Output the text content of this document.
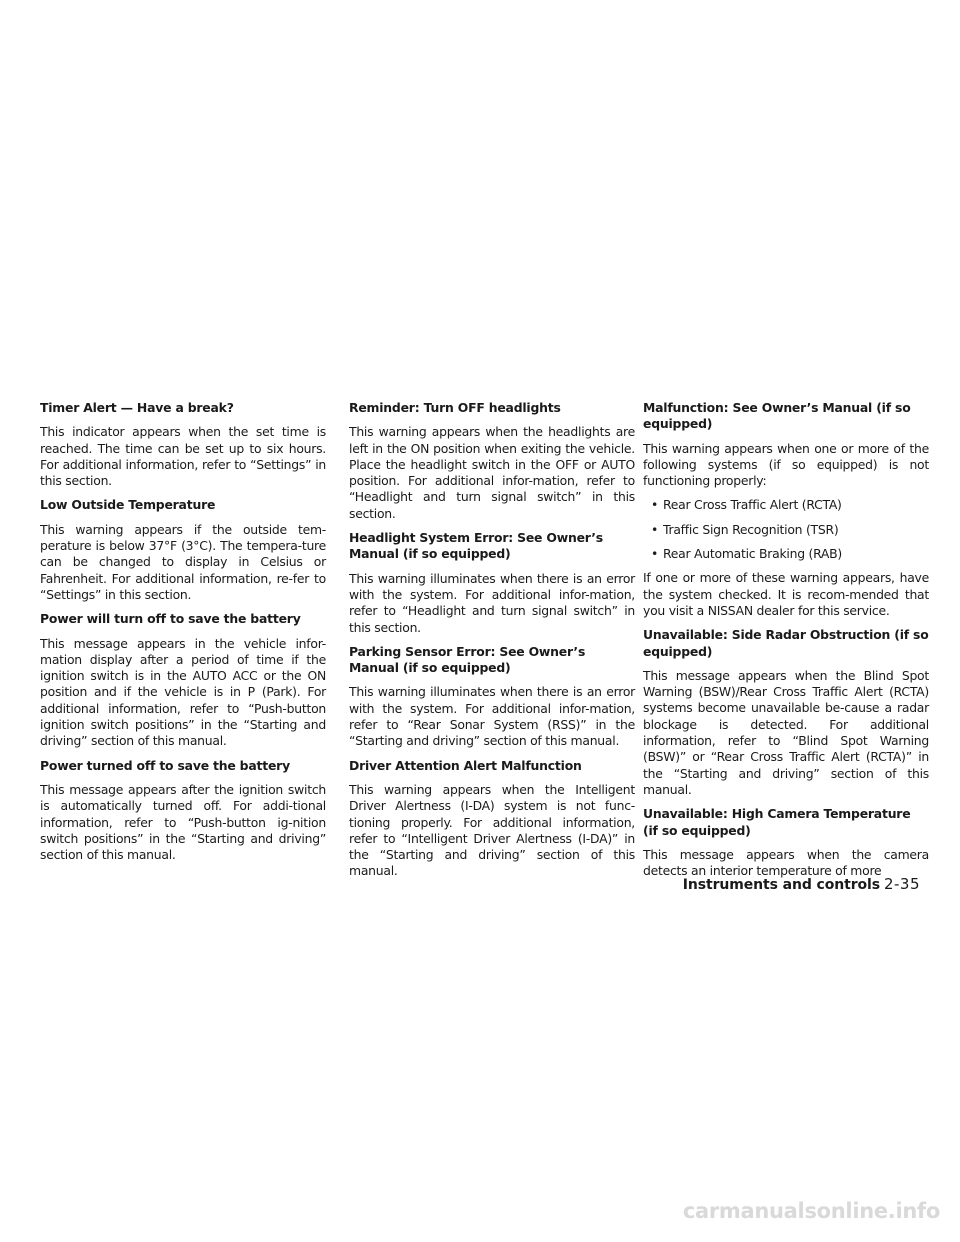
Timer Alert — Have a break?
This indicator appears when the set time is reached. The time can be set up to six hours. For additional information, refer to “Settings” in this section.
Low Outside Temperature
This warning appears if the outside tem-perature is below 37°F (3°C). The tempera-ture can be changed to display in Celsius or Fahrenheit. For additional information, re-fer to “Settings” in this section.
Power will turn off to save the battery
This message appears in the vehicle infor-mation display after a period of time if the ignition switch is in the AUTO ACC or the ON position and if the vehicle is in P (Park). For additional information, refer to “Push-button ignition switch positions” in the “Starting and driving” section of this manual.
Power turned off to save the battery
This message appears after the ignition switch is automatically turned off. For addi-tional information, refer to “Push-button ig-nition switch positions” in the “Starting and driving” section of this manual.
Reminder: Turn OFF headlights
This warning appears when the headlights are left in the ON position when exiting the vehicle. Place the headlight switch in the OFF or AUTO position. For additional infor-mation, refer to “Headlight and turn signal switch” in this section.
Headlight System Error: See Owner’s Manual (if so equipped)
This warning illuminates when there is an error with the system. For additional infor-mation, refer to “Headlight and turn signal switch” in this section.
Parking Sensor Error: See Owner’s Manual (if so equipped)
This warning illuminates when there is an error with the system. For additional infor-mation, refer to “Rear Sonar System (RSS)” in the “Starting and driving” section of this manual.
Driver Attention Alert Malfunction
This warning appears when the Intelligent Driver Alertness (I-DA) system is not func-tioning properly. For additional information, refer to “Intelligent Driver Alertness (I-DA)” in the “Starting and driving” section of this manual.
Malfunction: See Owner’s Manual (if so equipped)
This warning appears when one or more of the following systems (if so equipped) is not functioning properly:
• Rear Cross Traffic Alert (RCTA)
• Traffic Sign Recognition (TSR)
• Rear Automatic Braking (RAB)
If one or more of these warning appears, have the system checked. It is recom-mended that you visit a NISSAN dealer for this service.
Unavailable: Side Radar Obstruction (if so equipped)
This message appears when the Blind Spot Warning (BSW)/Rear Cross Traffic Alert (RCTA) systems become unavailable be-cause a radar blockage is detected. For additional information, refer to “Blind Spot Warning (BSW)” or “Rear Cross Traffic Alert (RCTA)” in the “Starting and driving” section of this manual.
Unavailable: High Camera Temperature (if so equipped)
This message appears when the camera detects an interior temperature of more
Instruments and controls 2-35
carmanualsonline.info
